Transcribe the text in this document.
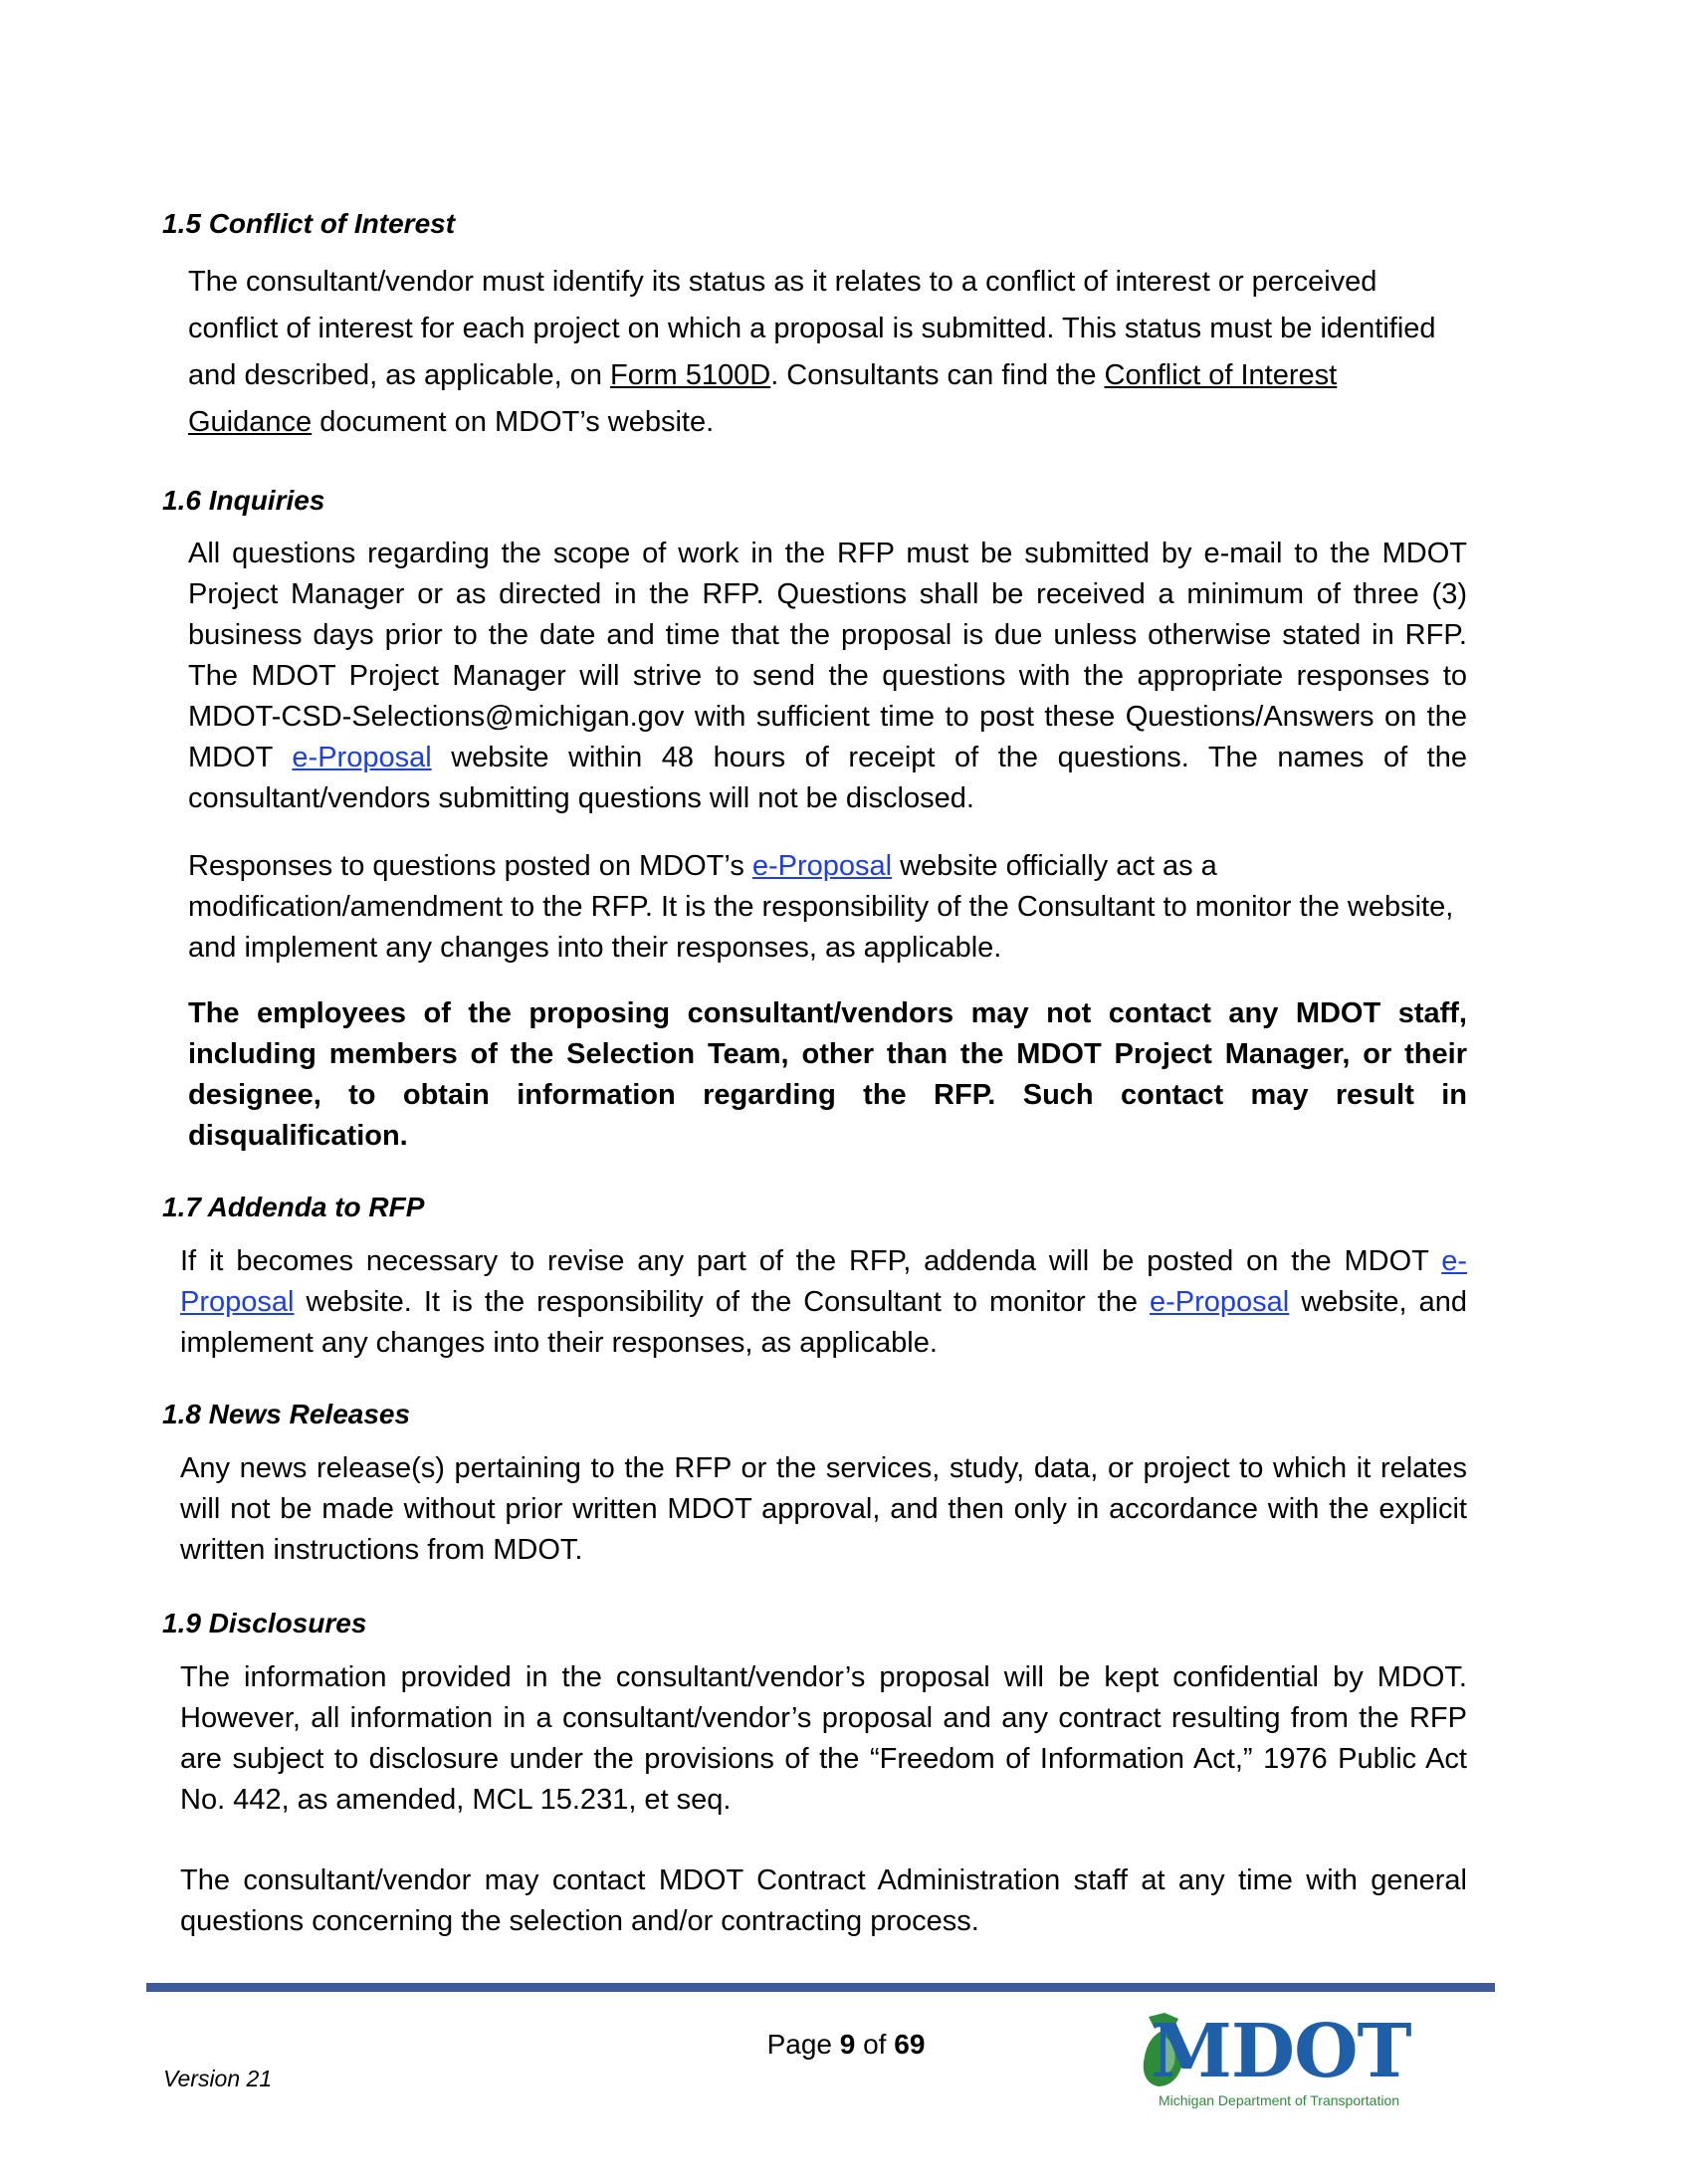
1.5 Conflict of Interest
The consultant/vendor must identify its status as it relates to a conflict of interest or perceived conflict of interest for each project on which a proposal is submitted. This status must be identified and described, as applicable, on Form 5100D. Consultants can find the Conflict of Interest Guidance document on MDOT’s website.
1.6 Inquiries
All questions regarding the scope of work in the RFP must be submitted by e-mail to the MDOT Project Manager or as directed in the RFP. Questions shall be received a minimum of three (3) business days prior to the date and time that the proposal is due unless otherwise stated in RFP. The MDOT Project Manager will strive to send the questions with the appropriate responses to MDOT-CSD-Selections@michigan.gov with sufficient time to post these Questions/Answers on the MDOT e-Proposal website within 48 hours of receipt of the questions. The names of the consultant/vendors submitting questions will not be disclosed.
Responses to questions posted on MDOT’s e-Proposal website officially act as a modification/amendment to the RFP. It is the responsibility of the Consultant to monitor the website, and implement any changes into their responses, as applicable.
The employees of the proposing consultant/vendors may not contact any MDOT staff, including members of the Selection Team, other than the MDOT Project Manager, or their designee, to obtain information regarding the RFP. Such contact may result in disqualification.
1.7 Addenda to RFP
If it becomes necessary to revise any part of the RFP, addenda will be posted on the MDOT e-Proposal website. It is the responsibility of the Consultant to monitor the e-Proposal website, and implement any changes into their responses, as applicable.
1.8 News Releases
Any news release(s) pertaining to the RFP or the services, study, data, or project to which it relates will not be made without prior written MDOT approval, and then only in accordance with the explicit written instructions from MDOT.
1.9 Disclosures
The information provided in the consultant/vendor’s proposal will be kept confidential by MDOT. However, all information in a consultant/vendor’s proposal and any contract resulting from the RFP are subject to disclosure under the provisions of the “Freedom of Information Act,” 1976 Public Act No. 442, as amended, MCL 15.231, et seq.
The consultant/vendor may contact MDOT Contract Administration staff at any time with general questions concerning the selection and/or contracting process.
Page 9 of 69
Version 21	MDOT
Michigan Department of Transportation
